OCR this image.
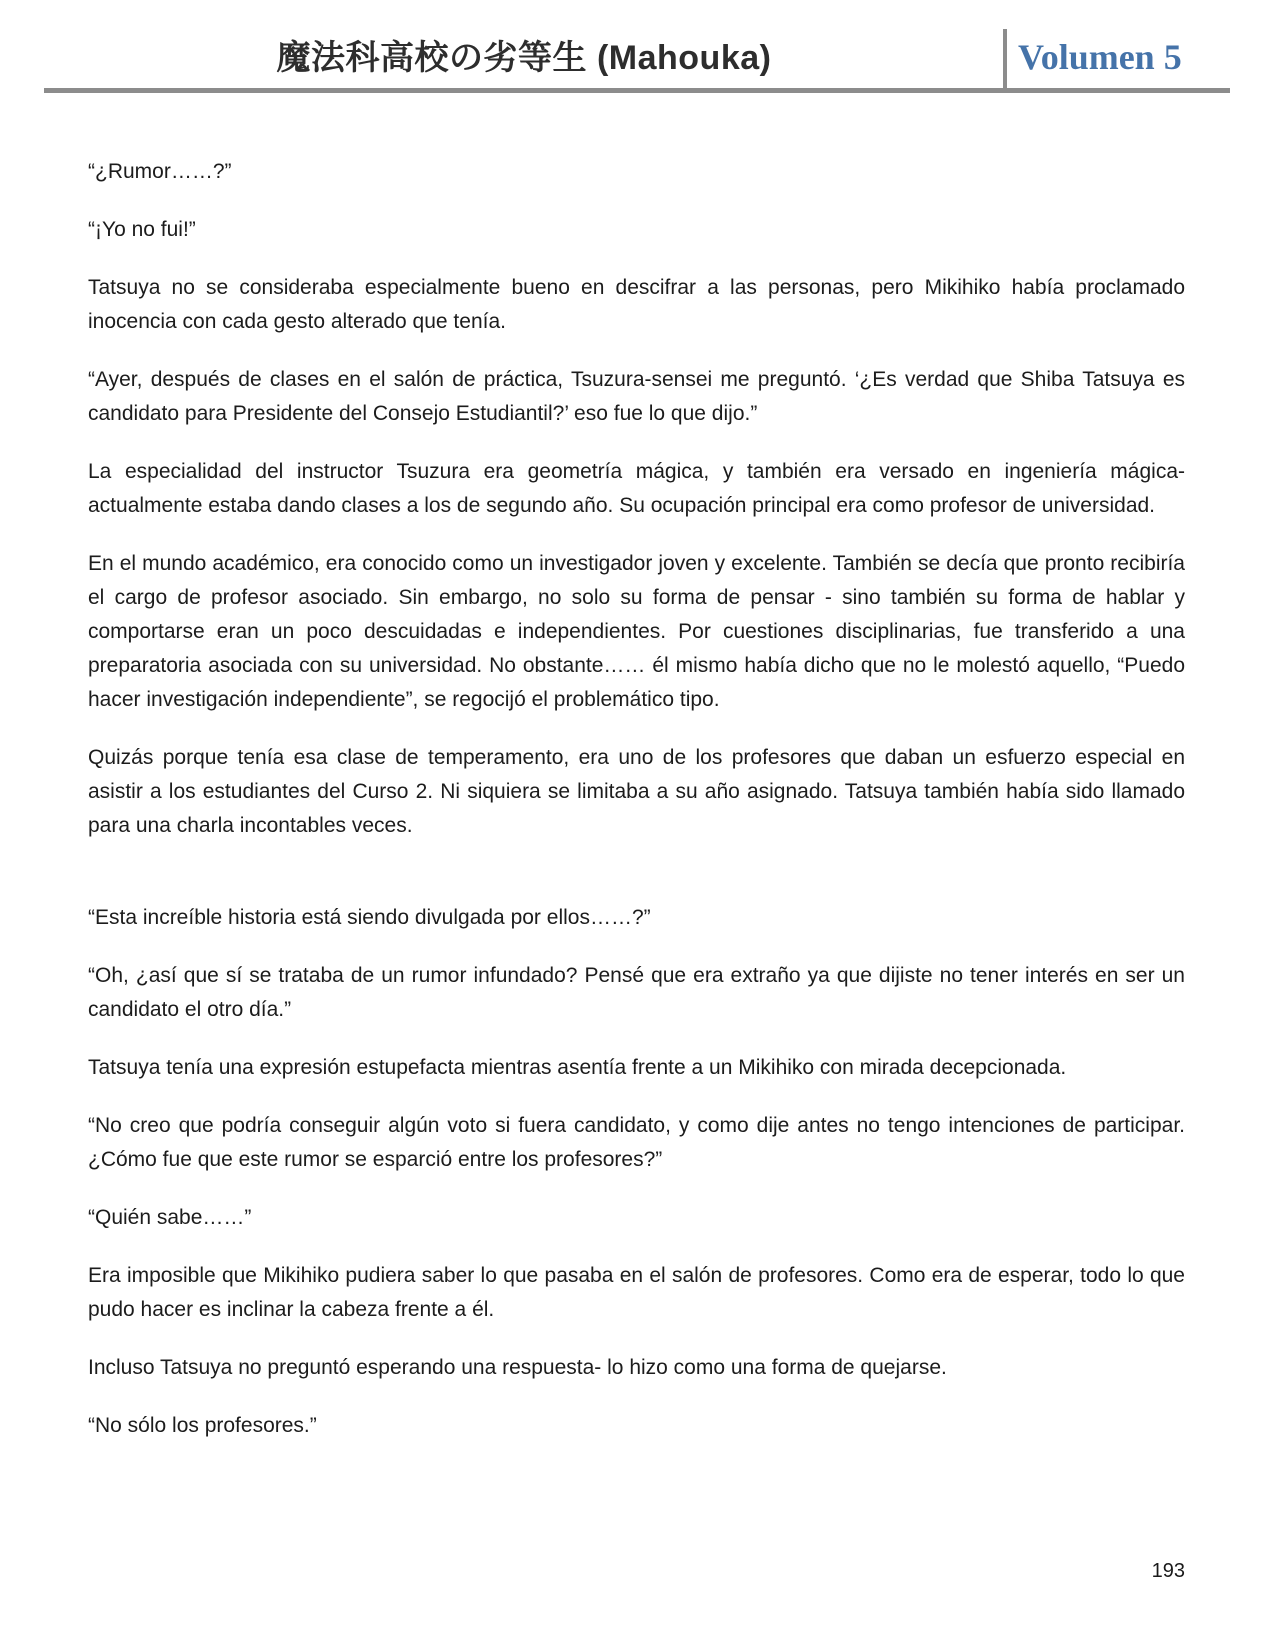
魔法科高校の劣等生 (Mahouka)	Volumen 5

“¿Rumor……?”

“¡Yo no fui!”

Tatsuya no se consideraba especialmente bueno en descifrar a las personas, pero Mikihiko había proclamado inocencia con cada gesto alterado que tenía.

“Ayer, después de clases en el salón de práctica, Tsuzura-sensei me preguntó. ‘¿Es verdad que Shiba Tatsuya es candidato para Presidente del Consejo Estudiantil?’ eso fue lo que dijo.”

La especialidad del instructor Tsuzura era geometría mágica, y también era versado en ingeniería mágica- actualmente estaba dando clases a los de segundo año. Su ocupación principal era como profesor de universidad.

En el mundo académico, era conocido como un investigador joven y excelente. También se decía que pronto recibiría el cargo de profesor asociado. Sin embargo, no solo su forma de pensar - sino también su forma de hablar y comportarse eran un poco descuidadas e independientes. Por cuestiones disciplinarias, fue transferido a una preparatoria asociada con su universidad. No obstante…… él mismo había dicho que no le molestó aquello, “Puedo hacer investigación independiente”, se regocijó el problemático tipo.

Quizás porque tenía esa clase de temperamento, era uno de los profesores que daban un esfuerzo especial en asistir a los estudiantes del Curso 2. Ni siquiera se limitaba a su año asignado. Tatsuya también había sido llamado para una charla incontables veces.

“Esta increíble historia está siendo divulgada por ellos……?”

“Oh, ¿así que sí se trataba de un rumor infundado? Pensé que era extraño ya que dijiste no tener interés en ser un candidato el otro día.”

Tatsuya tenía una expresión estupefacta mientras asentía frente a un Mikihiko con mirada decepcionada.

“No creo que podría conseguir algún voto si fuera candidato, y como dije antes no tengo intenciones de participar. ¿Cómo fue que este rumor se esparció entre los profesores?”

“Quién sabe……”

Era imposible que Mikihiko pudiera saber lo que pasaba en el salón de profesores. Como era de esperar, todo lo que pudo hacer es inclinar la cabeza frente a él.

Incluso Tatsuya no preguntó esperando una respuesta- lo hizo como una forma de quejarse.

“No sólo los profesores.”

193
